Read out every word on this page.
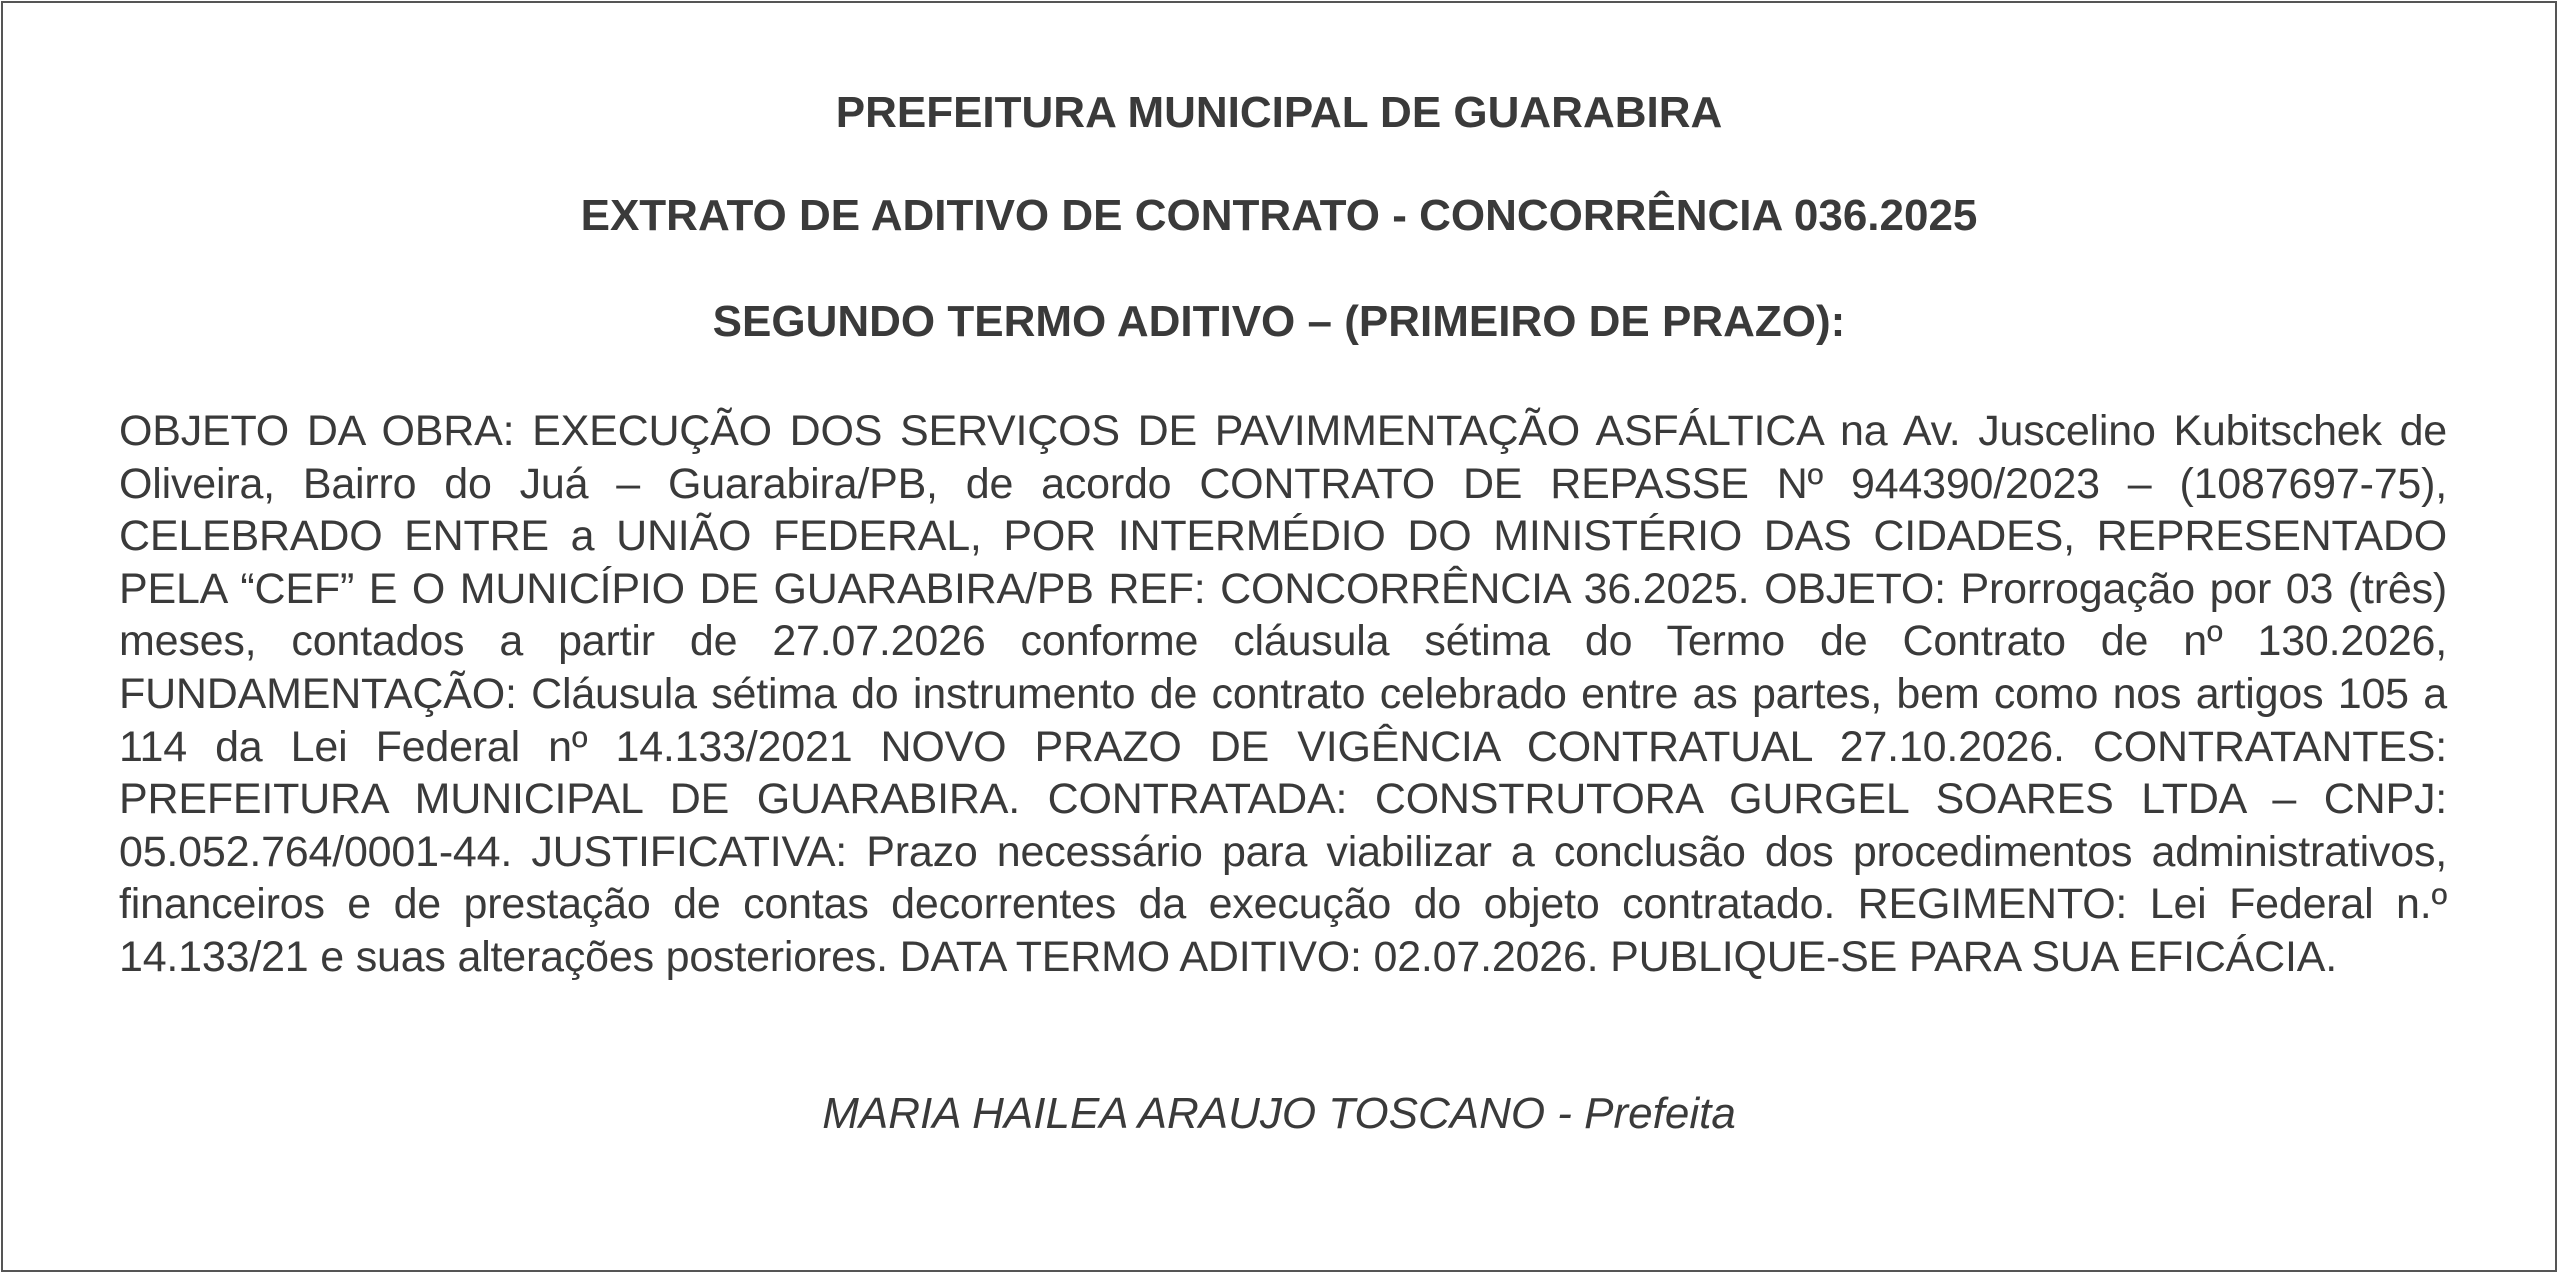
PREFEITURA MUNICIPAL DE GUARABIRA
EXTRATO DE ADITIVO DE CONTRATO - CONCORRÊNCIA 036.2025
SEGUNDO TERMO ADITIVO – (PRIMEIRO DE PRAZO):
OBJETO DA OBRA: EXECUÇÃO DOS SERVIÇOS DE PAVIMMENTAÇÃO ASFÁLTICA na Av. Juscelino Kubitschek de Oliveira, Bairro do Juá – Guarabira/PB, de acordo CONTRATO DE REPASSE Nº 944390/2023 – (1087697-75), CELEBRADO ENTRE a UNIÃO FEDERAL, POR INTERMÉDIO DO MINISTÉRIO DAS CIDADES, REPRESENTADO PELA “CEF” E O MUNICÍPIO DE GUARABIRA/PB REF: CONCORRÊNCIA 36.2025. OBJETO: Prorrogação por 03 (três) meses, contados a partir de 27.07.2026 conforme cláusula sétima do Termo de Contrato de nº 130.2026, FUNDAMENTAÇÃO: Cláusula sétima do instrumento de contrato celebrado entre as partes, bem como nos artigos 105 a 114 da Lei Federal nº 14.133/2021 NOVO PRAZO DE VIGÊNCIA CONTRATUAL 27.10.2026. CONTRATANTES: PREFEITURA MUNICIPAL DE GUARABIRA. CONTRATADA: CONSTRUTORA GURGEL SOARES LTDA – CNPJ: 05.052.764/0001-44. JUSTIFICATIVA: Prazo necessário para viabilizar a conclusão dos procedimentos administrativos, financeiros e de prestação de contas decorrentes da execução do objeto contratado. REGIMENTO: Lei Federal n.º 14.133/21 e suas alterações posteriores. DATA TERMO ADITIVO: 02.07.2026. PUBLIQUE-SE PARA SUA EFICÁCIA.
MARIA HAILEA ARAUJO TOSCANO - Prefeita
